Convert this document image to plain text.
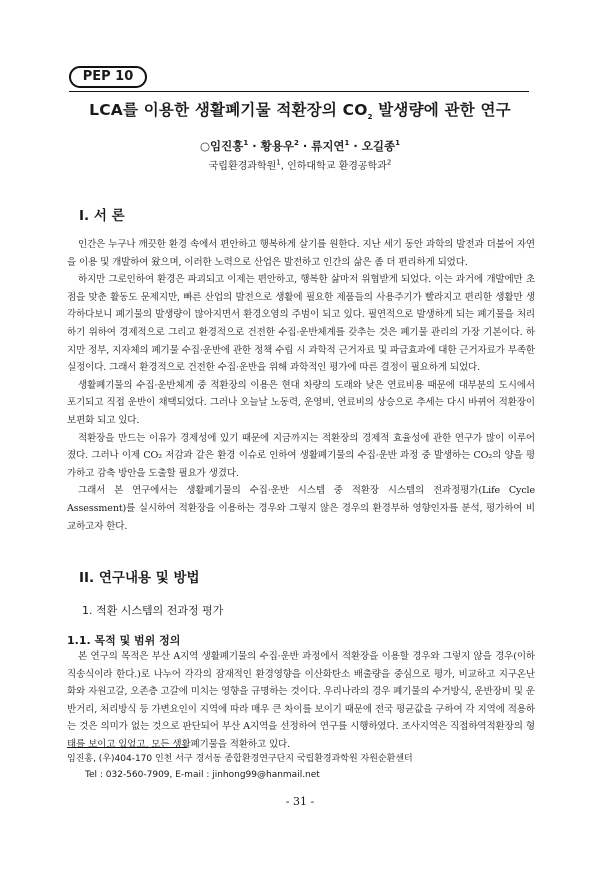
PEP 10
LCA를 이용한 생활폐기물 적환장의 $CO_2$ 발생량에 관한 연구
○임진홍$^1$ · 황용우$^2$ · 류지연$^1$ · 오길종$^1$
국립환경과학원$^1$, 인하대학교 환경공학과$^2$
I. 서 론

인간은 누구나 깨끗한 환경 속에서 편안하고 행복하게 살기를 원한다. 지난 세기 동안 과학의 발전과 더불어 자연을 이용 및 개발하여 왔으며, 이러한 노력으로 산업은 발전하고 인간의 삶은 좀 더 편리하게 되었다.

하지만 그로인하여 환경은 파괴되고 이제는 편안하고, 행복한 삶마저 위협받게 되었다. 이는 과거에 개발에만 초점을 맞춘 활동도 문제지만, 빠른 산업의 발전으로 생활에 필요한 제품들의 사용주기가 빨라지고 편리한 생활만 생각하다보니 폐기물의 발생량이 많아지면서 환경오염의 주범이 되고 있다. 필연적으로 발생하게 되는 폐기물을 처리하기 위하여 경제적으로 그리고 환경적으로 건전한 수집·운반체계를 갖추는 것은 폐기물 관리의 가장 기본이다. 하지만 정부, 지자체의 폐기물 수집·운반에 관한 정책 수립 시 과학적 근거자료 및 파급효과에 대한 근거자료가 부족한 실정이다. 그래서 환경적으로 건전한 수집·운반을 위해 과학적인 평가에 따른 결정이 필요하게 되었다.

생활폐기물의 수집·운반체계 중 적환장의 이용은 현대 차량의 도래와 낮은 연료비용 때문에 대부분의 도시에서 포기되고 직접 운반이 채택되었다. 그러나 오늘날 노동력, 운영비, 연료비의 상승으로 추세는 다시 바뀌어 적환장이 보편화 되고 있다.

적환장을 만드는 이유가 경제성에 있기 때문에 지금까지는 적환장의 경제적 효율성에 관한 연구가 많이 이루어 졌다. 그러나 이제 CO₂ 저감과 같은 환경 이슈로 인하여 생활폐기물의 수집·운반 과정 중 발생하는 CO₂의 양을 평가하고 감축 방안을 도출할 필요가 생겼다.

그래서 본 연구에서는 생활폐기물의 수집·운반 시스템 중 적환장 시스템의 전과정평가(Life Cycle Assessment)를 실시하여 적환장을 이용하는 경우와 그렇지 않은 경우의 환경부하 영향인자를 분석, 평가하여 비교하고자 한다.

II. 연구내용 및 방법
1. 적환 시스템의 전과정 평가
1.1. 목적 및 범위 정의

본 연구의 목적은 부산 A지역 생활폐기물의 수집·운반 과정에서 적환장을 이용할 경우와 그렇지 않을 경우(이하 직송식이라 한다.)로 나누어 각각의 잠재적인 환경영향을 이산화탄소 배출량을 중심으로 평가, 비교하고 지구온난화와 자원고갈, 오존층 고갈에 미치는 영향을 규명하는 것이다. 우리나라의 경우 폐기물의 수거방식, 운반장비 및 운반거리, 처리방식 등 가변요인이 지역에 따라 매우 큰 차이를 보이기 때문에 전국 평균값을 구하여 각 지역에 적용하는 것은 의미가 없는 것으로 판단되어 부산 A지역을 선정하여 연구를 시행하였다. 조사지역은 직접하역적환장의 형태를 보이고 있었고, 모든 생활폐기물을 적환하고 있다.

임진홍, (우)404-170 인천 서구 경서동 종합환경연구단지 국립환경과학원 자원순환센터
Tel : 032-560-7909, E-mail : jinhong99@hanmail.net
- 31 -
